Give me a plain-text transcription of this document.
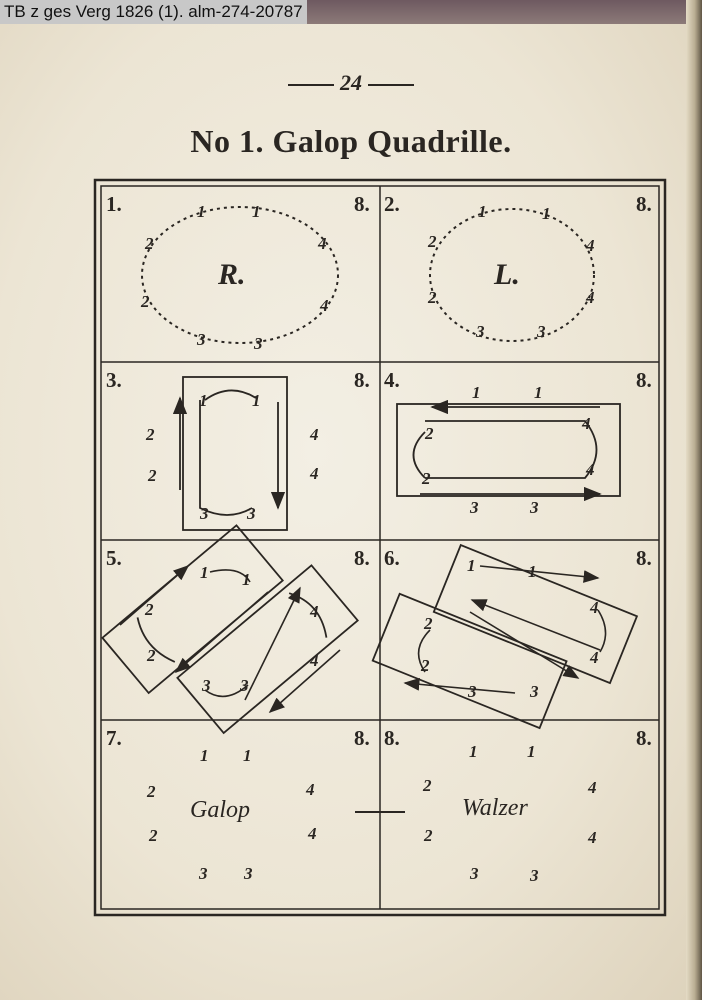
TB z ges Verg 1826 (1). alm-274-20787
24
No 1. Galop Quadrille.
1.	8. 2.	8.
3.	8. 4.	8.
5.	8. 6.	8.
7.	8. 8.	8.
R.	L.
Galop	Walzer
1	1
2	4
2	4
3	3
1	1
2	4
2	4
3	3
1	1
2	4
2	4
3 3
1	1
2
4
2	4
3	3
1 1
2	4
2	4
3 3
1	1
4
2
4
2
3	3
1 1
2	4
2	4
3 3
1	1
2	4
2	4
3	3
